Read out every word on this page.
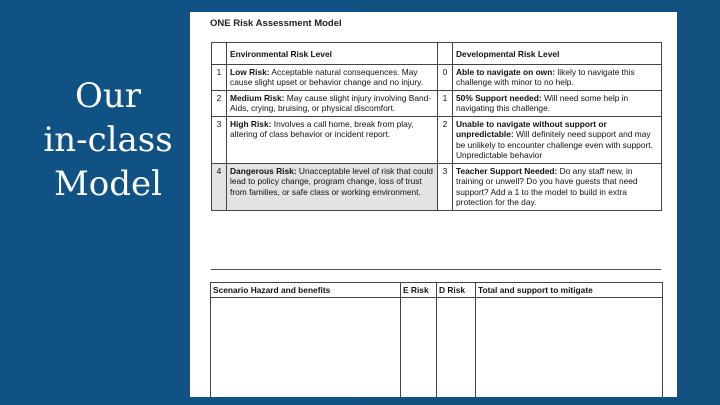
Our
in-class
Model
ONE Risk Assessment Model
	Environmental Risk Level		Developmental Risk Level
1	Low Risk: Acceptable natural consequences. May cause slight upset or behavior change and no injury.	0	Able to navigate on own: likely to navigate this challenge with minor to no help.
2	Medium Risk: May cause slight injury involving Band-Aids, crying, bruising, or physical discomfort.	1	50% Support needed: Will need some help in navigating this challenge.
3	High Risk: Involves a call home, break from play, altering of class behavior or incident report.	2	Unable to navigate without support or unpredictable: Will definitely need support and may be unlikely to encounter challenge even with support. Unpredictable behavior
4	Dangerous Risk: Unacceptable level of risk that could lead to policy change, program change, loss of trust from families, or safe class or working environment.	3	Teacher Support Needed: Do any staff new, in training or unwell? Do you have guests that need support? Add a 1 to the model to build in extra protection for the day.
Scenario Hazard and benefits	E Risk	D Risk	Total and support to mitigate
